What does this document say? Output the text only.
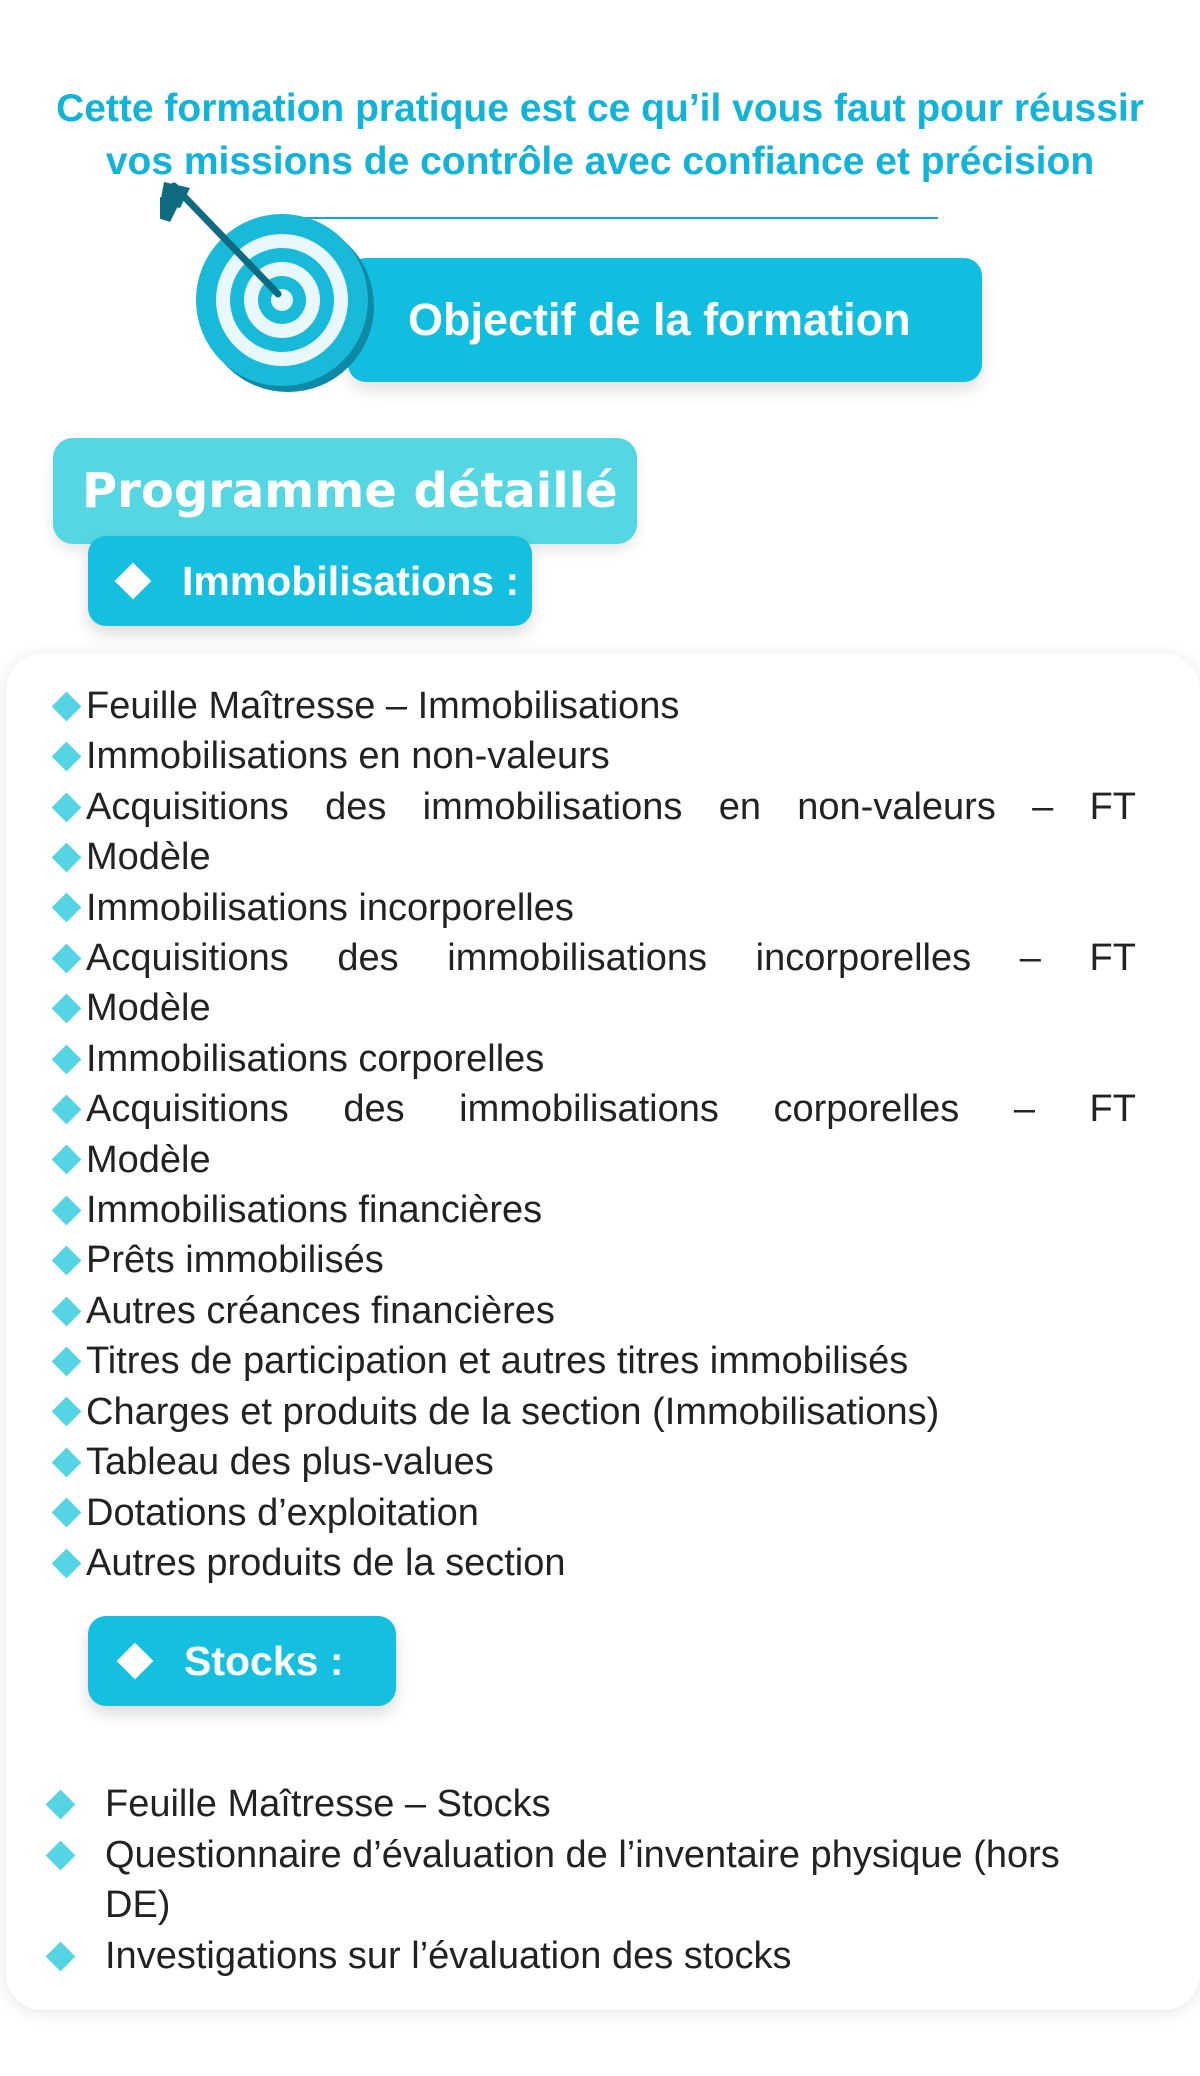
Cette formation pratique est ce qu’il vous faut pour réussir
vos missions de contrôle avec confiance et précision
Objectif de la formation
Programme détaillé
Immobilisations :
Feuille Maîtresse – Immobilisations
Immobilisations en non-valeurs
Acquisitions des immobilisations en non-valeurs – FT
Modèle
Immobilisations incorporelles
Acquisitions des immobilisations incorporelles – FT
Modèle
Immobilisations corporelles
Acquisitions des immobilisations corporelles – FT
Modèle
Immobilisations financières
Prêts immobilisés
Autres créances financières
Titres de participation et autres titres immobilisés
Charges et produits de la section (Immobilisations)
Tableau des plus-values
Dotations d’exploitation
Autres produits de la section
Stocks :
Feuille Maîtresse – Stocks
Questionnaire d’évaluation de l’inventaire physique (hors DE)
Investigations sur l’évaluation des stocks
